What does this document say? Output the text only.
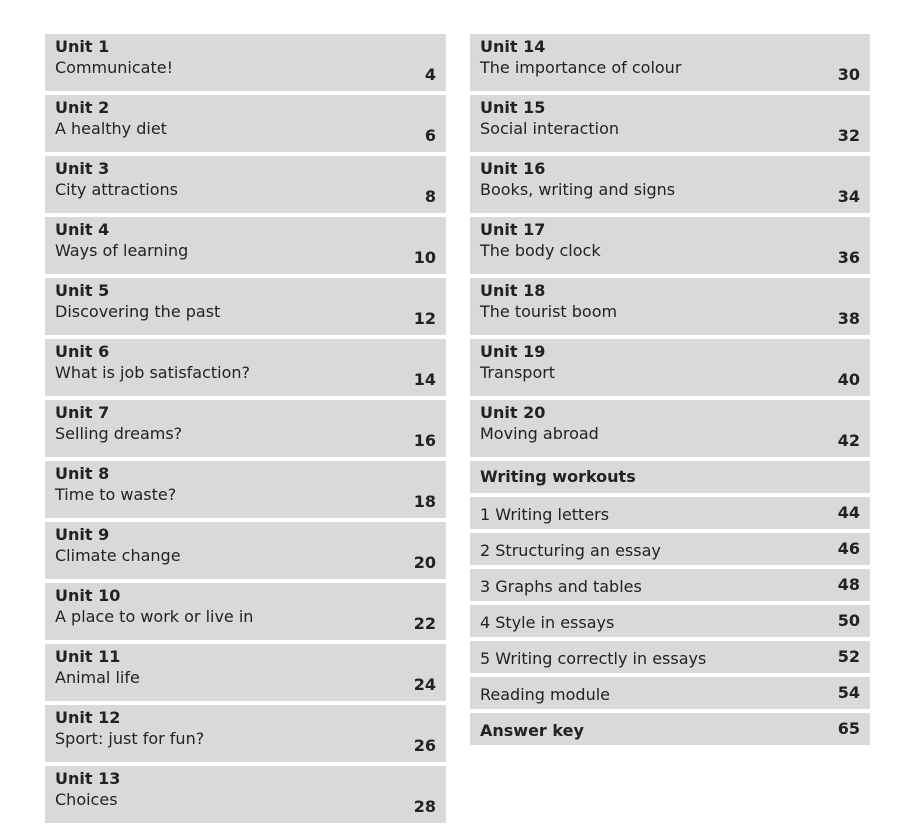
Unit 1
Communicate!	4
Unit 2
A healthy diet	6
Unit 3
City attractions	8
Unit 4
Ways of learning	10
Unit 5
Discovering the past	12
Unit 6
What is job satisfaction?	14
Unit 7
Selling dreams?	16
Unit 8
Time to waste?	18
Unit 9
Climate change	20
Unit 10
A place to work or live in	22
Unit 11
Animal life	24
Unit 12
Sport: just for fun?	26
Unit 13
Choices	28
Unit 14
The importance of colour	30
Unit 15
Social interaction	32
Unit 16
Books, writing and signs	34
Unit 17
The body clock	36
Unit 18
The tourist boom	38
Unit 19
Transport	40
Unit 20
Moving abroad	42
Writing workouts
1 Writing letters	44
2 Structuring an essay	46
3 Graphs and tables	48
4 Style in essays	50
5 Writing correctly in essays	52
Reading module	54
Answer key	65
